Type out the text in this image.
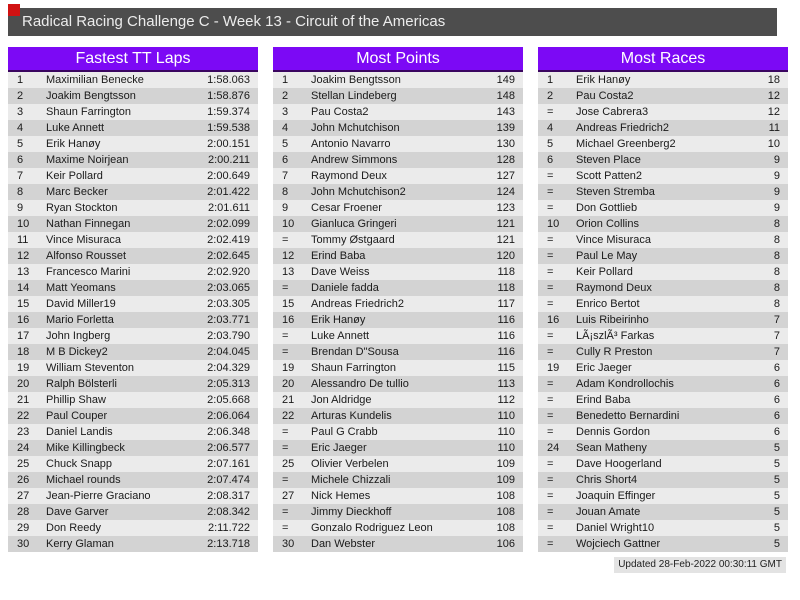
Radical Racing Challenge C - Week 13 - Circuit of the Americas
Fastest TT Laps
1	Maximilian Benecke	1:58.063
2	Joakim Bengtsson	1:58.876
3	Shaun Farrington	1:59.374
4	Luke Annett	1:59.538
5	Erik Hanøy	2:00.151
6	Maxime Noirjean	2:00.211
7	Keir Pollard	2:00.649
8	Marc Becker	2:01.422
9	Ryan Stockton	2:01.611
10	Nathan Finnegan	2:02.099
11	Vince Misuraca	2:02.419
12	Alfonso Rousset	2:02.645
13	Francesco Marini	2:02.920
14	Matt Yeomans	2:03.065
15	David Miller19	2:03.305
16	Mario Forletta	2:03.771
17	John Ingberg	2:03.790
18	M B Dickey2	2:04.045
19	William Steventon	2:04.329
20	Ralph Bölsterli	2:05.313
21	Phillip Shaw	2:05.668
22	Paul Couper	2:06.064
23	Daniel Landis	2:06.348
24	Mike Killingbeck	2:06.577
25	Chuck Snapp	2:07.161
26	Michael rounds	2:07.474
27	Jean-Pierre Graciano	2:08.317
28	Dave Garver	2:08.342
29	Don Reedy	2:11.722
30	Kerry Glaman	2:13.718
Most Points
1	Joakim Bengtsson	149
2	Stellan Lindeberg	148
3	Pau Costa2	143
4	John Mchutchison	139
5	Antonio Navarro	130
6	Andrew Simmons	128
7	Raymond Deux	127
8	John Mchutchison2	124
9	Cesar Froener	123
10	Gianluca Gringeri	121
=	Tommy Østgaard	121
12	Erind Baba	120
13	Dave Weiss	118
=	Daniele fadda	118
15	Andreas Friedrich2	117
16	Erik Hanøy	116
=	Luke Annett	116
=	Brendan D"Sousa	116
19	Shaun Farrington	115
20	Alessandro De tullio	113
21	Jon Aldridge	112
22	Arturas Kundelis	110
=	Paul G Crabb	110
=	Eric Jaeger	110
25	Olivier Verbelen	109
=	Michele Chizzali	109
27	Nick Hemes	108
=	Jimmy Dieckhoff	108
=	Gonzalo Rodriguez Leon	108
30	Dan Webster	106
Most Races
1	Erik Hanøy	18
2	Pau Costa2	12
=	Jose Cabrera3	12
4	Andreas Friedrich2	11
5	Michael Greenberg2	10
6	Steven Place	9
=	Scott Patten2	9
=	Steven Stremba	9
=	Don Gottlieb	9
10	Orion Collins	8
=	Vince Misuraca	8
=	Paul Le May	8
=	Keir Pollard	8
=	Raymond Deux	8
=	Enrico Bertot	8
16	Luis Ribeirinho	7
=	LÃ¡szlÃ³ Farkas	7
=	Cully R Preston	7
19	Eric Jaeger	6
=	Adam Kondrollochis	6
=	Erind Baba	6
=	Benedetto Bernardini	6
=	Dennis Gordon	6
24	Sean Matheny	5
=	Dave Hoogerland	5
=	Chris Short4	5
=	Joaquin Effinger	5
=	Jouan Amate	5
=	Daniel Wright10	5
=	Wojciech Gattner	5
Updated 28-Feb-2022 00:30:11 GMT
